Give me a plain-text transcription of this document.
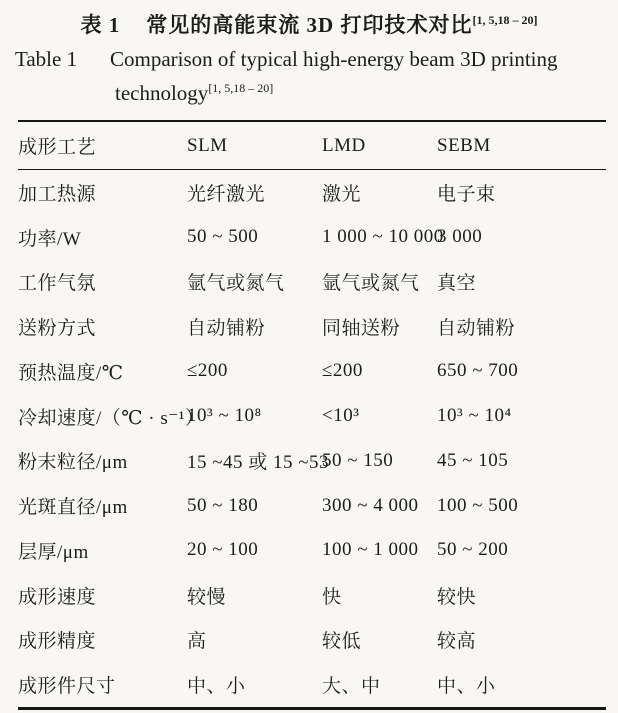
表 1 常见的高能束流 3D 打印技术对比[1, 5,18 – 20]
Table 1 Comparison of typical high-energy beam 3D printing
technology[1, 5,18 – 20]
成形工艺	SLM	LMD	SEBM
加工热源	光纤激光	激光	电子束
功率/W	50 ~ 500	1 000 ~ 10 000	3 000
工作气氛	氩气或氮气	氩气或氮气	真空
送粉方式	自动铺粉	同轴送粉	自动铺粉
预热温度/℃	≤200	≤200	650 ~ 700
冷却速度/（℃ · s⁻¹）	10³ ~ 10⁸	<10³	10³ ~ 10⁴
粉末粒径/μm	15 ~45 或 15 ~53	50 ~ 150	45 ~ 105
光斑直径/μm	50 ~ 180	300 ~ 4 000	100 ~ 500
层厚/μm	20 ~ 100	100 ~ 1 000	50 ~ 200
成形速度	较慢	快	较快
成形精度	高	较低	较高
成形件尺寸	中、小	大、中	中、小
